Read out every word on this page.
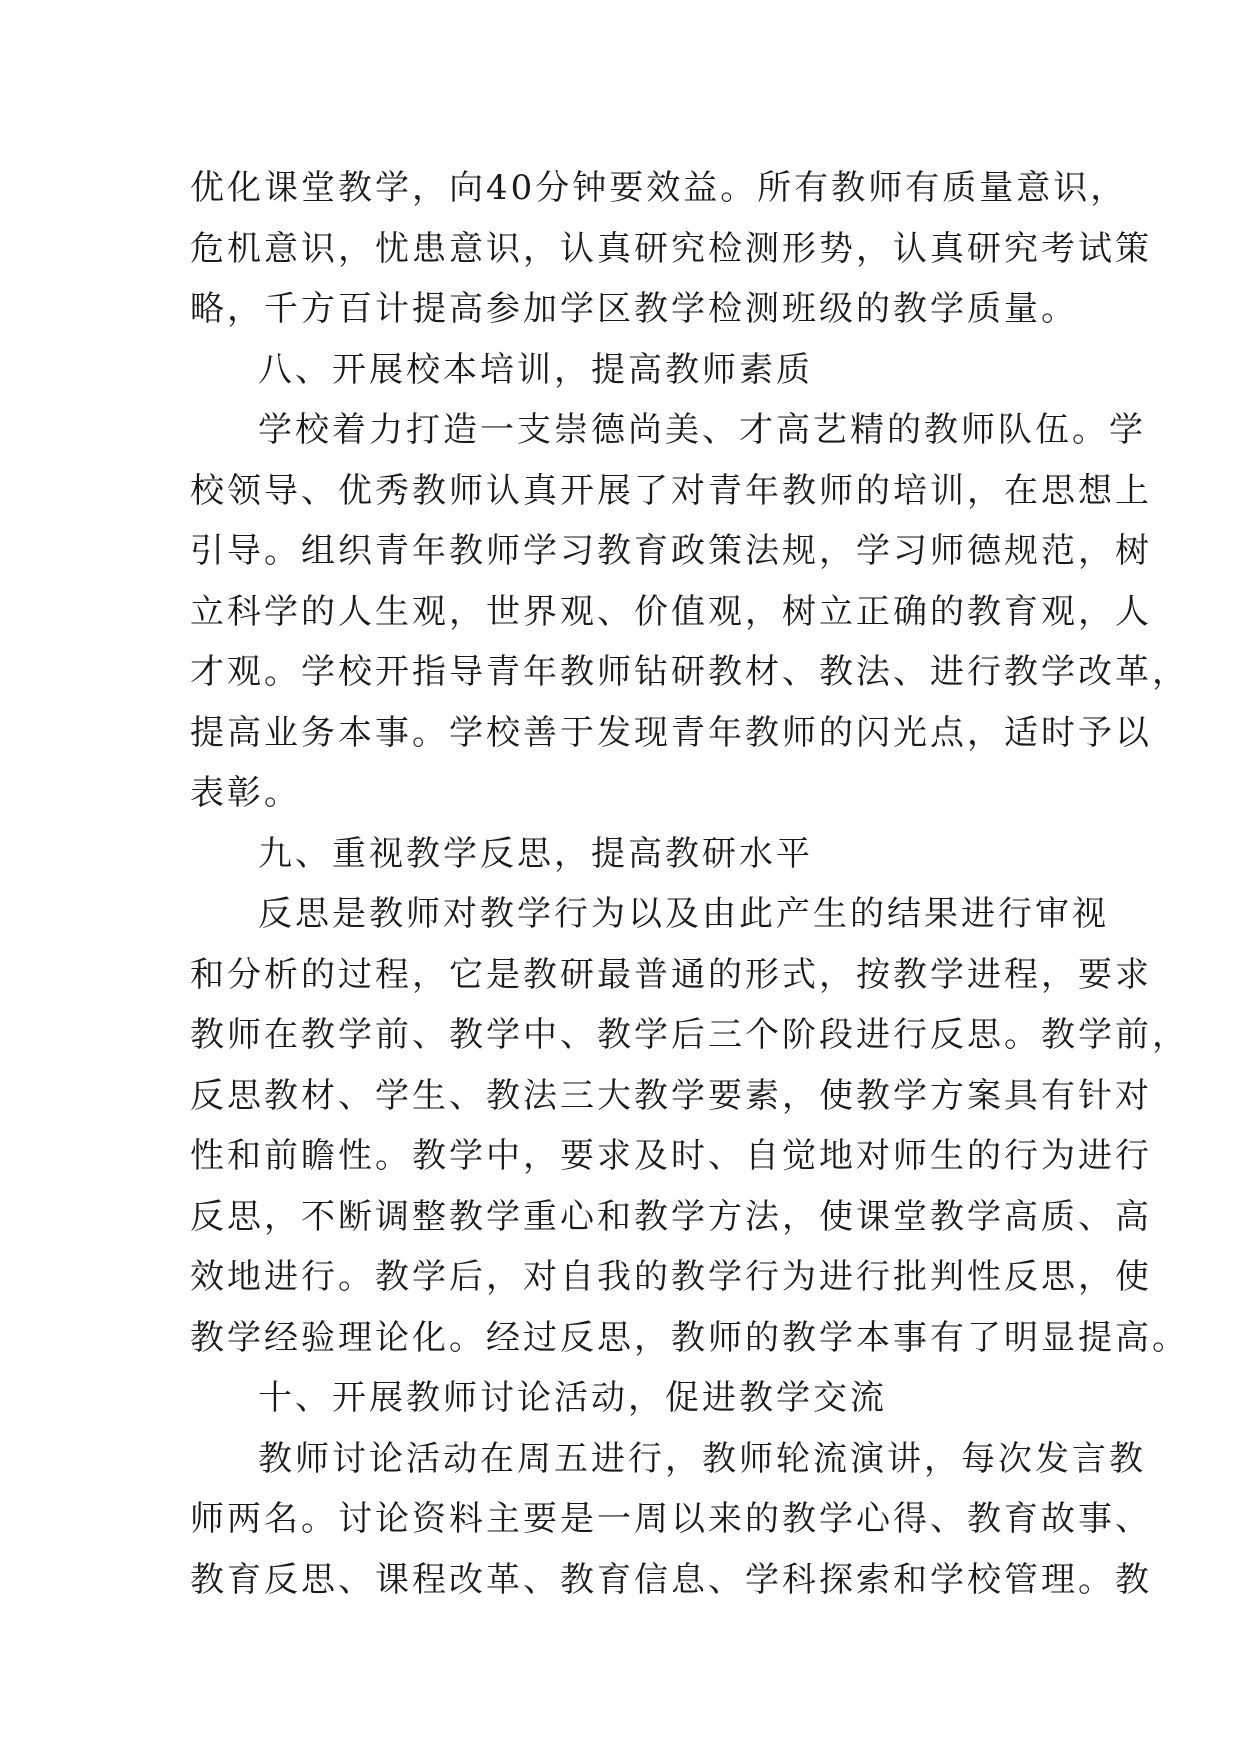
优化课堂教学，向40分钟要效益。所有教师有质量意识，
危机意识，忧患意识，认真研究检测形势，认真研究考试策
略，千方百计提高参加学区教学检测班级的教学质量。
八、开展校本培训，提高教师素质
学校着力打造一支崇德尚美、才高艺精的教师队伍。学
校领导、优秀教师认真开展了对青年教师的培训，在思想上
引导。组织青年教师学习教育政策法规，学习师德规范，树
立科学的人生观，世界观、价值观，树立正确的教育观，人
才观。学校开指导青年教师钻研教材、教法、进行教学改革，
提高业务本事。学校善于发现青年教师的闪光点，适时予以
表彰。
九、重视教学反思，提高教研水平
反思是教师对教学行为以及由此产生的结果进行审视
和分析的过程，它是教研最普通的形式，按教学进程，要求
教师在教学前、教学中、教学后三个阶段进行反思。教学前，
反思教材、学生、教法三大教学要素，使教学方案具有针对
性和前瞻性。教学中，要求及时、自觉地对师生的行为进行
反思，不断调整教学重心和教学方法，使课堂教学高质、高
效地进行。教学后，对自我的教学行为进行批判性反思，使
教学经验理论化。经过反思，教师的教学本事有了明显提高。
十、开展教师讨论活动，促进教学交流
教师讨论活动在周五进行，教师轮流演讲，每次发言教
师两名。讨论资料主要是一周以来的教学心得、教育故事、
教育反思、课程改革、教育信息、学科探索和学校管理。教
